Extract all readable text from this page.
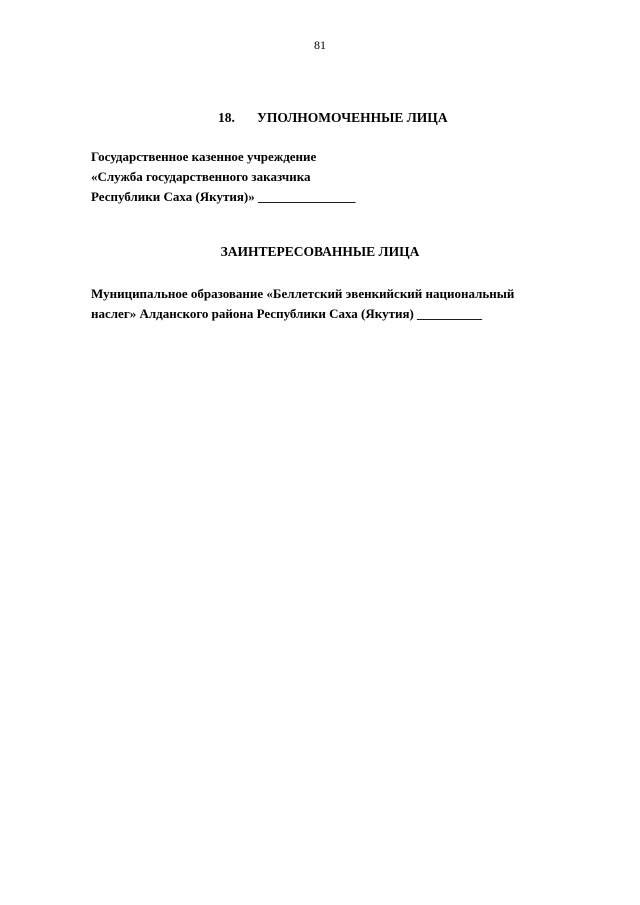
81
18. УПОЛНОМОЧЕННЫЕ ЛИЦА
Государственное казенное учреждение
«Служба государственного заказчика
Республики Саха (Якутия)» _______________
ЗАИНТЕРЕСОВАННЫЕ ЛИЦА
Муниципальное образование «Беллетский эвенкийский национальный
наслег» Алданского района Республики Саха (Якутия) __________
